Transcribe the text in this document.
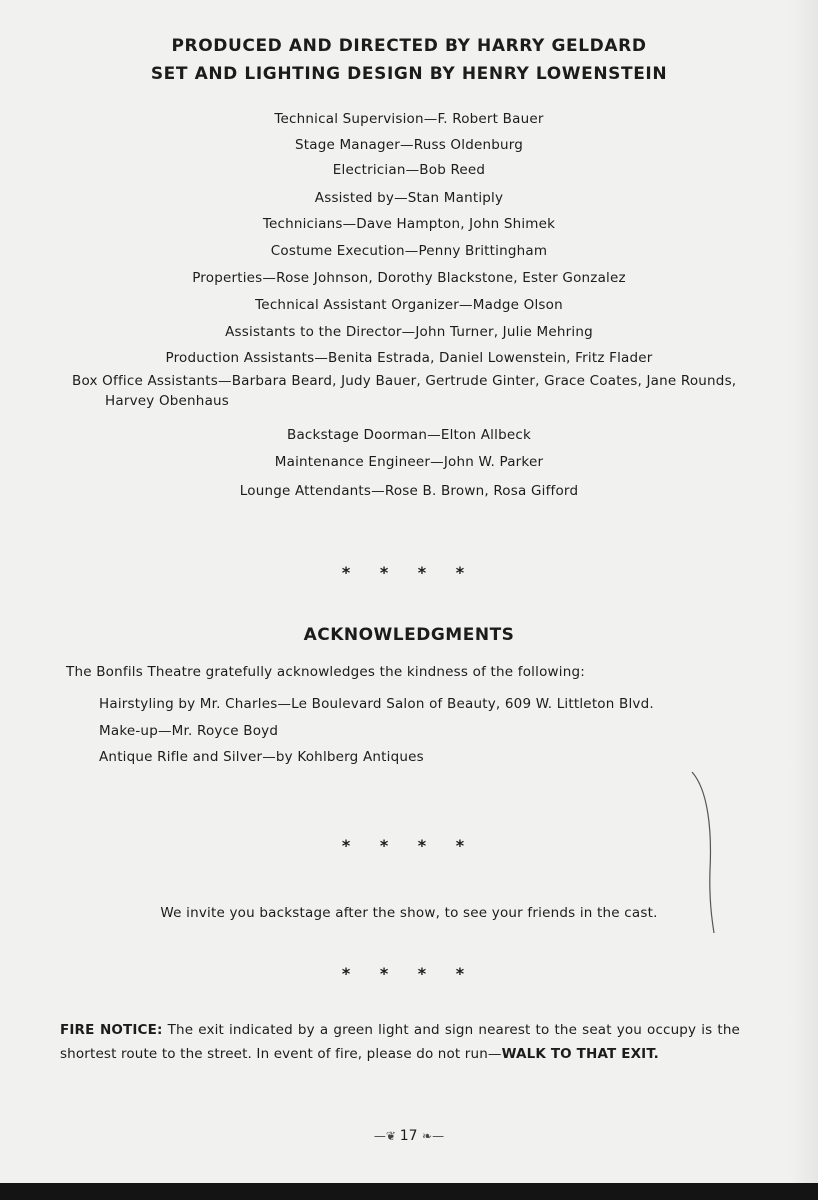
PRODUCED AND DIRECTED BY HARRY GELDARD
SET AND LIGHTING DESIGN BY HENRY LOWENSTEIN
Technical Supervision—F. Robert Bauer
Stage Manager—Russ Oldenburg
Electrician—Bob Reed
Assisted by—Stan Mantiply
Technicians—Dave Hampton, John Shimek
Costume Execution—Penny Brittingham
Properties—Rose Johnson, Dorothy Blackstone, Ester Gonzalez
Technical Assistant Organizer—Madge Olson
Assistants to the Director—John Turner, Julie Mehring
Production Assistants—Benita Estrada, Daniel Lowenstein, Fritz Flader
Box Office Assistants—Barbara Beard, Judy Bauer, Gertrude Ginter, Grace Coates, Jane Rounds,
Harvey Obenhaus
Backstage Doorman—Elton Allbeck
Maintenance Engineer—John W. Parker
Lounge Attendants—Rose B. Brown, Rosa Gifford
* * * *
ACKNOWLEDGMENTS
The Bonfils Theatre gratefully acknowledges the kindness of the following:
Hairstyling by Mr. Charles—Le Boulevard Salon of Beauty, 609 W. Littleton Blvd.
Make-up—Mr. Royce Boyd
Antique Rifle and Silver—by Kohlberg Antiques
* * * *
We invite you backstage after the show, to see your friends in the cast.
* * * *
FIRE NOTICE: The exit indicated by a green light and sign nearest to the seat you occupy is the shortest route to the street. In event of fire, please do not run—WALK TO THAT EXIT.
—❦ 17 ❧—
